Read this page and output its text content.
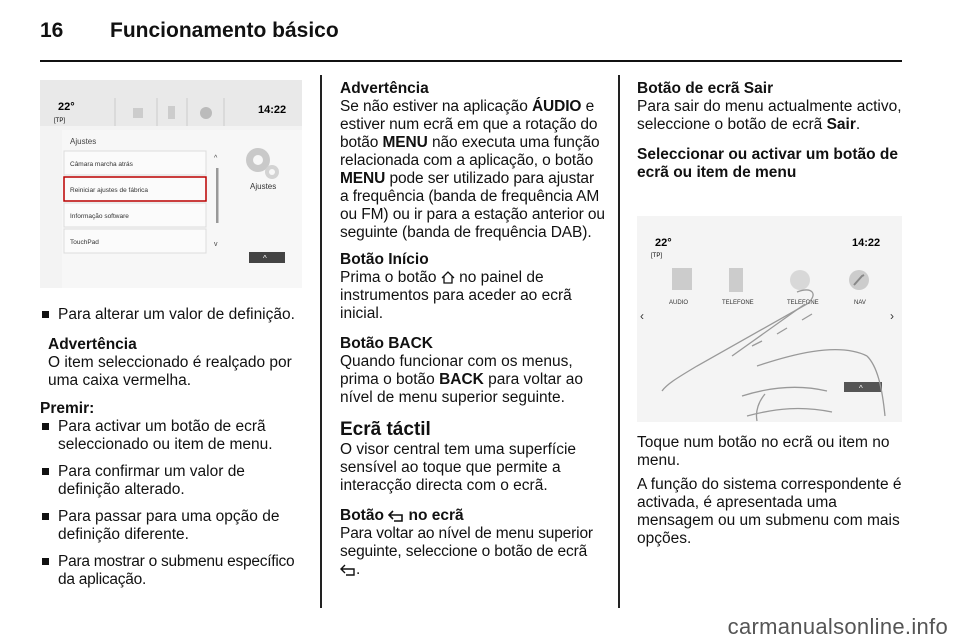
16 Funcionamento básico
22°
[TP]
14:22
Ajustes
Câmara marcha atrás
Reiniciar ajustes de fábrica
Informação software
TouchPad
^
v
Ajustes
^

Para alterar um valor de definição.

Advertência

O item seleccionado é realçado por uma caixa vermelha.

Premir:

Para activar um botão de ecrã seleccionado ou item de menu.

Para confirmar um valor de definição alterado.

Para passar para uma opção de definição diferente.

Para mostrar o submenu específico da aplicação.

Advertência

Se não estiver na aplicação ÁUDIO e estiver num ecrã em que a rotação do botão MENU não executa uma função relacionada com a aplicação, o botão MENU pode ser utilizado para ajustar a frequência (banda de frequência AM ou FM) ou ir para a estação anterior ou seguinte (banda de frequência DAB).

Botão Início

Prima o botão  no painel de instrumentos para aceder ao ecrã inicial.

Botão BACK

Quando funcionar com os menus, prima o botão BACK para voltar ao nível de menu superior seguinte.

Ecrã táctil

O visor central tem uma superfície sensível ao toque que permite a interacção directa com o ecrã.

Botão  no ecrã

Para voltar ao nível de menu superior seguinte, seleccione o botão de ecrã .

Botão de ecrã Sair

Para sair do menu actualmente activo, seleccione o botão de ecrã Sair.

Seleccionar ou activar um botão de ecrã ou item de menu

22°
[TP]
14:22
AUDIO	TELEFONE	TELEFONE	NAV
‹	›
^

Toque num botão no ecrã ou item no menu.

A função do sistema correspondente é activada, é apresentada uma mensagem ou um submenu com mais opções.

carmanualsonline.info
